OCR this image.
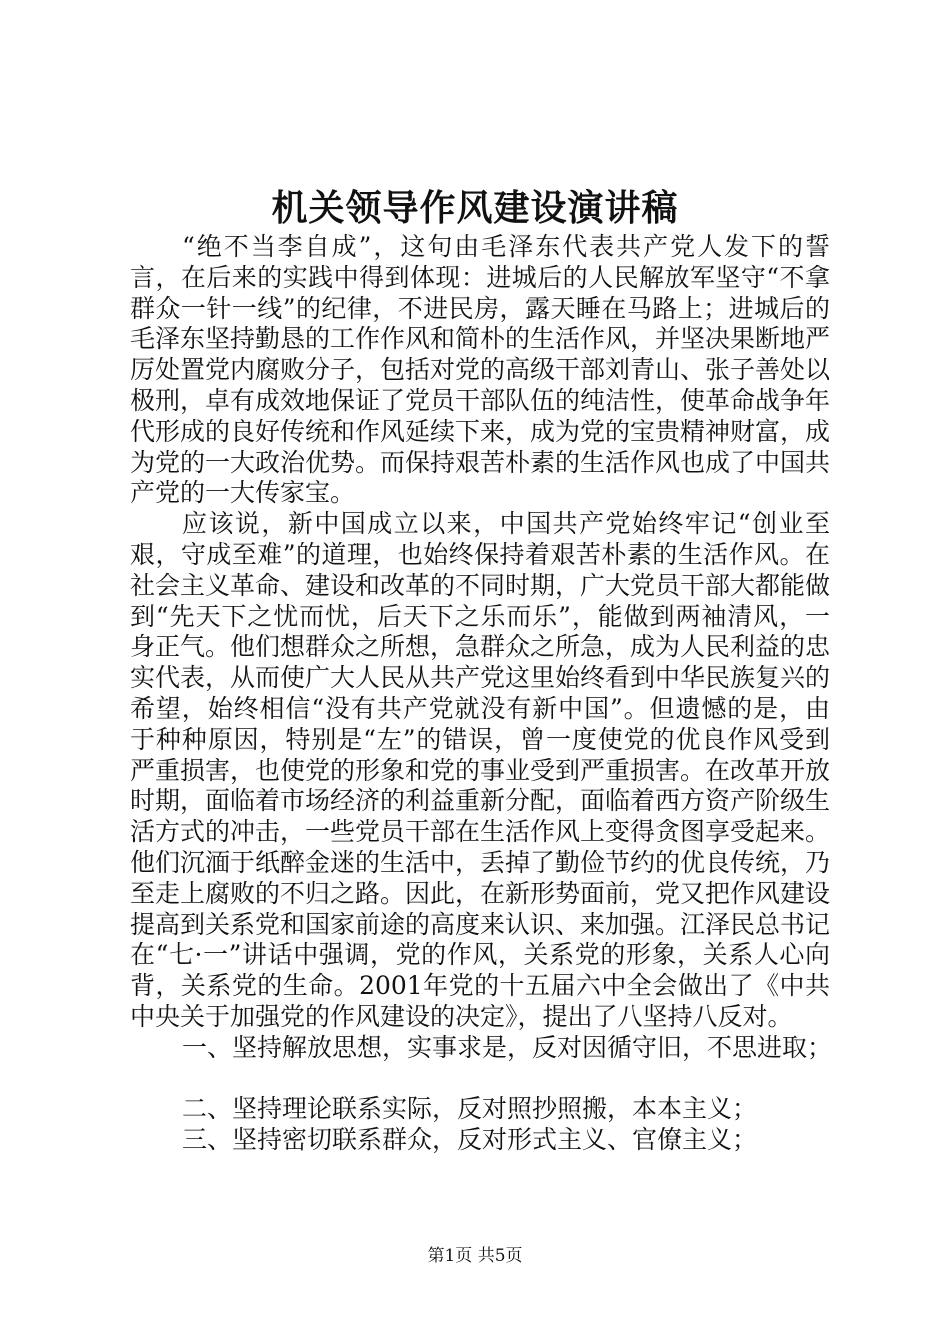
机关领导作风建设演讲稿

“绝不当李自成”，这句由毛泽东代表共产党人发下的誓言，在后来的实践中得到体现：进城后的人民解放军坚守“不拿群众一针一线”的纪律，不进民房，露天睡在马路上；进城后的毛泽东坚持勤恳的工作作风和简朴的生活作风，并坚决果断地严厉处置党内腐败分子，包括对党的高级干部刘青山、张子善处以极刑，卓有成效地保证了党员干部队伍的纯洁性，使革命战争年代形成的良好传统和作风延续下来，成为党的宝贵精神财富，成为党的一大政治优势。而保持艰苦朴素的生活作风也成了中国共产党的一大传家宝。

应该说，新中国成立以来，中国共产党始终牢记“创业至艰，守成至难”的道理，也始终保持着艰苦朴素的生活作风。在社会主义革命、建设和改革的不同时期，广大党员干部大都能做到“先天下之忧而忧，后天下之乐而乐”，能做到两袖清风，一身正气。他们想群众之所想，急群众之所急，成为人民利益的忠实代表，从而使广大人民从共产党这里始终看到中华民族复兴的希望，始终相信“没有共产党就没有新中国”。但遗憾的是，由于种种原因，特别是“左”的错误，曾一度使党的优良作风受到严重损害，也使党的形象和党的事业受到严重损害。在改革开放时期，面临着市场经济的利益重新分配，面临着西方资产阶级生活方式的冲击，一些党员干部在生活作风上变得贪图享受起来。他们沉湎于纸醉金迷的生活中，丢掉了勤俭节约的优良传统，乃至走上腐败的不归之路。因此，在新形势面前，党又把作风建设提高到关系党和国家前途的高度来认识、来加强。江泽民总书记在“七·一”讲话中强调，党的作风，关系党的形象，关系人心向背，关系党的生命。2001年党的十五届六中全会做出了《中共中央关于加强党的作风建设的决定》，提出了八坚持八反对。

一、坚持解放思想，实事求是，反对因循守旧，不思进取；

二、坚持理论联系实际，反对照抄照搬，本本主义；

三、坚持密切联系群众，反对形式主义、官僚主义；

第1页 共5页
